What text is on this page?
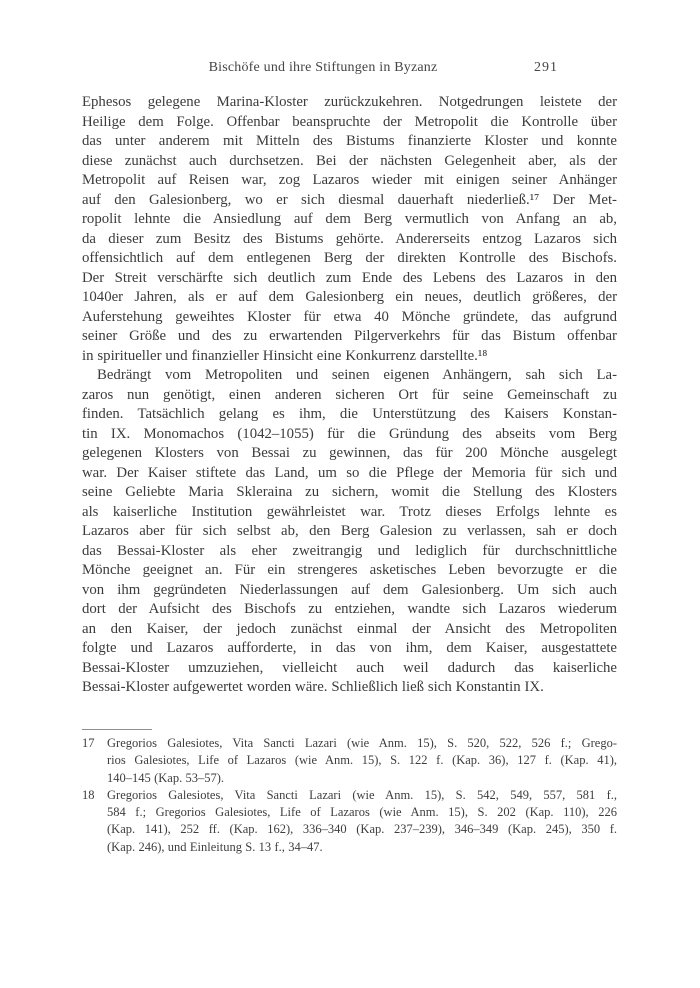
Bischöfe und ihre Stiftungen in Byzanz	291
Ephesos gelegene Marina-Kloster zurückzukehren. Notgedrungen leistete der
Heilige dem Folge. Offenbar beanspruchte der Metropolit die Kontrolle über
das unter anderem mit Mitteln des Bistums finanzierte Kloster und konnte
diese zunächst auch durchsetzen. Bei der nächsten Gelegenheit aber, als der
Metropolit auf Reisen war, zog Lazaros wieder mit einigen seiner Anhänger
auf den Galesionberg, wo er sich diesmal dauerhaft niederließ.¹⁷ Der Met-
ropolit lehnte die Ansiedlung auf dem Berg vermutlich von Anfang an ab,
da dieser zum Besitz des Bistums gehörte. Andererseits entzog Lazaros sich
offensichtlich auf dem entlegenen Berg der direkten Kontrolle des Bischofs.
Der Streit verschärfte sich deutlich zum Ende des Lebens des Lazaros in den
1040er Jahren, als er auf dem Galesionberg ein neues, deutlich größeres, der
Auferstehung geweihtes Kloster für etwa 40 Mönche gründete, das aufgrund
seiner Größe und des zu erwartenden Pilgerverkehrs für das Bistum offenbar
in spiritueller und finanzieller Hinsicht eine Konkurrenz darstellte.¹⁸
Bedrängt vom Metropoliten und seinen eigenen Anhängern, sah sich La-
zaros nun genötigt, einen anderen sicheren Ort für seine Gemeinschaft zu
finden. Tatsächlich gelang es ihm, die Unterstützung des Kaisers Konstan-
tin IX. Monomachos (1042–1055) für die Gründung des abseits vom Berg
gelegenen Klosters von Bessai zu gewinnen, das für 200 Mönche ausgelegt
war. Der Kaiser stiftete das Land, um so die Pflege der Memoria für sich und
seine Geliebte Maria Skleraina zu sichern, womit die Stellung des Klosters
als kaiserliche Institution gewährleistet war. Trotz dieses Erfolgs lehnte es
Lazaros aber für sich selbst ab, den Berg Galesion zu verlassen, sah er doch
das Bessai-Kloster als eher zweitrangig und lediglich für durchschnittliche
Mönche geeignet an. Für ein strengeres asketisches Leben bevorzugte er die
von ihm gegründeten Niederlassungen auf dem Galesionberg. Um sich auch
dort der Aufsicht des Bischofs zu entziehen, wandte sich Lazaros wiederum
an den Kaiser, der jedoch zunächst einmal der Ansicht des Metropoliten
folgte und Lazaros aufforderte, in das von ihm, dem Kaiser, ausgestattete
Bessai-Kloster umzuziehen, vielleicht auch weil dadurch das kaiserliche
Bessai-Kloster aufgewertet worden wäre. Schließlich ließ sich Konstantin IX.
17	Gregorios Galesiotes, Vita Sancti Lazari (wie Anm. 15), S. 520, 522, 526 f.; Grego-
rios Galesiotes, Life of Lazaros (wie Anm. 15), S. 122 f. (Kap. 36), 127 f. (Kap. 41),
140–145 (Kap. 53–57).
18	Gregorios Galesiotes, Vita Sancti Lazari (wie Anm. 15), S. 542, 549, 557, 581 f.,
584 f.; Gregorios Galesiotes, Life of Lazaros (wie Anm. 15), S. 202 (Kap. 110), 226
(Kap. 141), 252 ff. (Kap. 162), 336–340 (Kap. 237–239), 346–349 (Kap. 245), 350 f.
(Kap. 246), und Einleitung S. 13 f., 34–47.
